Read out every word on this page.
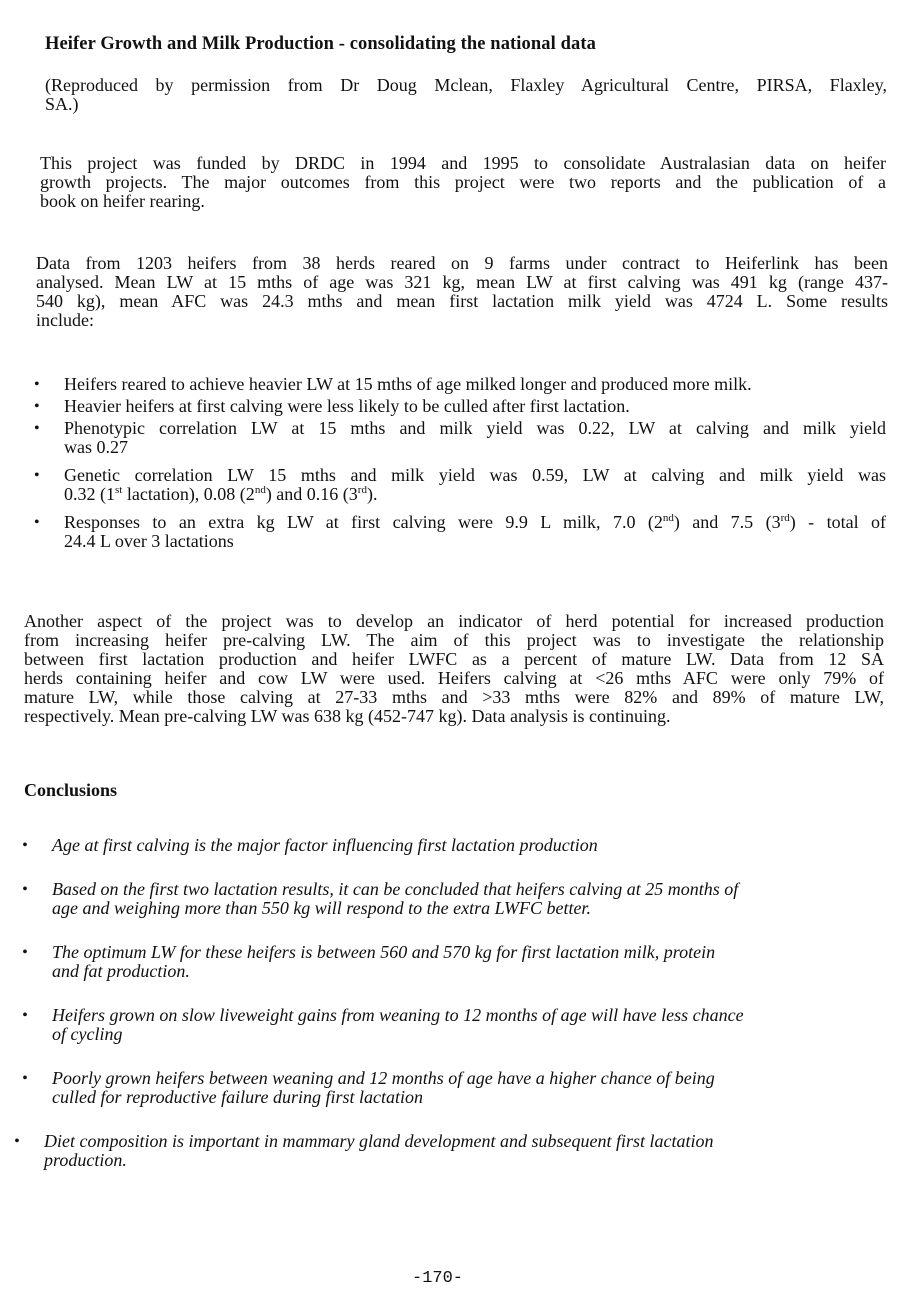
Heifer Growth and Milk Production - consolidating the national data

(Reproduced by permission from Dr Doug Mclean, Flaxley Agricultural Centre, PIRSA, Flaxley,
SA.)

This project was funded by DRDC in 1994 and 1995 to consolidate Australasian data on heifer
growth projects. The major outcomes from this project were two reports and the publication of a
book on heifer rearing.

Data from 1203 heifers from 38 herds reared on 9 farms under contract to Heiferlink has been
analysed. Mean LW at 15 mths of age was 321 kg, mean LW at first calving was 491 kg (range 437-
540 kg), mean AFC was 24.3 mths and mean first lactation milk yield was 4724 L. Some results
include:

• Heifers reared to achieve heavier LW at 15 mths of age milked longer and produced more milk.
• Heavier heifers at first calving were less likely to be culled after first lactation.
• Phenotypic correlation LW at 15 mths and milk yield was 0.22, LW at calving and milk yield
was 0.27
• Genetic correlation LW 15 mths and milk yield was 0.59, LW at calving and milk yield was
0.32 (1st lactation), 0.08 (2nd) and 0.16 (3rd).
• Responses to an extra kg LW at first calving were 9.9 L milk, 7.0 (2nd) and 7.5 (3rd) - total of
24.4 L over 3 lactations

Another aspect of the project was to develop an indicator of herd potential for increased production
from increasing heifer pre-calving LW. The aim of this project was to investigate the relationship
between first lactation production and heifer LWFC as a percent of mature LW. Data from 12 SA
herds containing heifer and cow LW were used. Heifers calving at <26 mths AFC were only 79% of
mature LW, while those calving at 27-33 mths and >33 mths were 82% and 89% of mature LW,
respectively. Mean pre-calving LW was 638 kg (452-747 kg). Data analysis is continuing.

Conclusions
• Age at first calving is the major factor influencing first lactation production
• Based on the first two lactation results, it can be concluded that heifers calving at 25 months of
age and weighing more than 550 kg will respond to the extra LWFC better.
• The optimum LW for these heifers is between 560 and 570 kg for first lactation milk, protein
and fat production.
• Heifers grown on slow liveweight gains from weaning to 12 months of age will have less chance
of cycling
• Poorly grown heifers between weaning and 12 months of age have a higher chance of being
culled for reproductive failure during first lactation
• Diet composition is important in mammary gland development and subsequent first lactation
production.
-170-
